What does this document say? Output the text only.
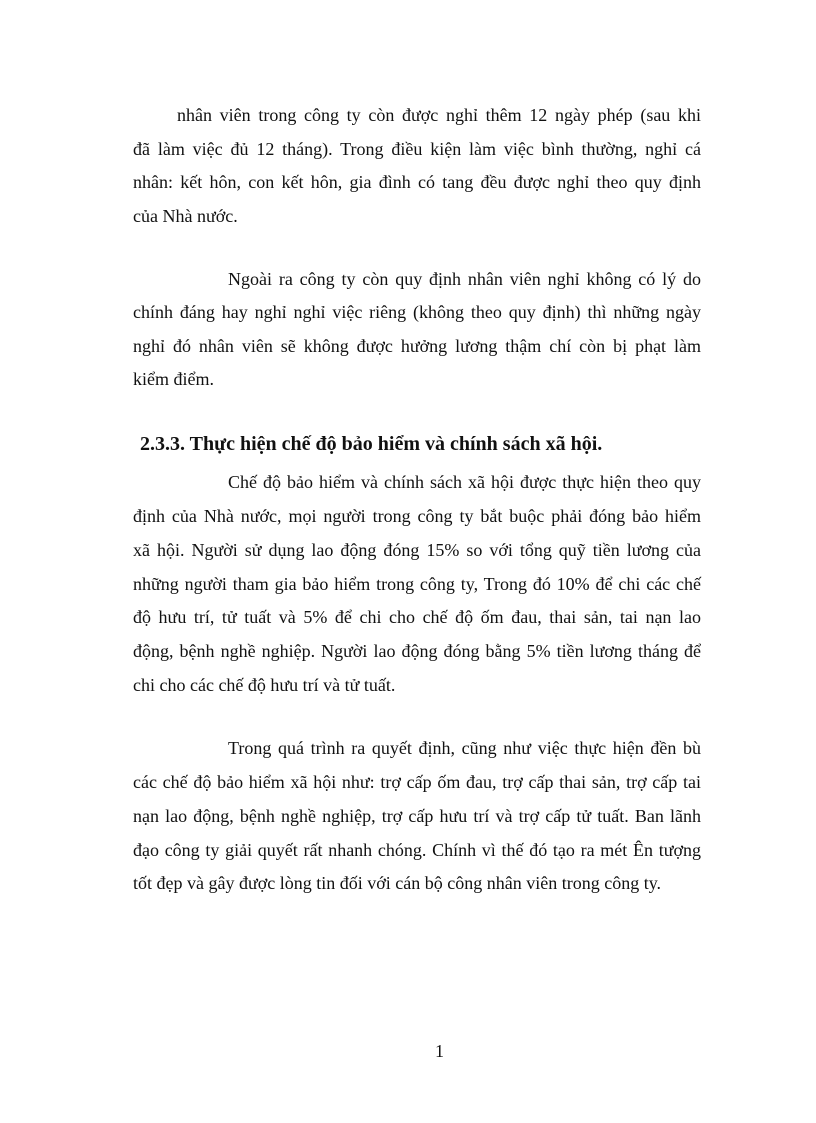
nhân viên trong công ty còn được nghỉ thêm 12 ngày phép (sau khi
đã làm việc đủ 12 tháng). Trong điều kiện làm việc bình thường, nghỉ cá
nhân: kết hôn, con kết hôn, gia đình có tang đều được nghỉ theo quy định
của Nhà nước.
Ngoài ra công ty còn quy định nhân viên nghỉ không có lý do
chính đáng hay nghỉ nghỉ việc riêng (không theo quy định) thì những ngày
nghỉ đó nhân viên sẽ không được hưởng lương thậm chí còn bị phạt làm
kiểm điểm.
2.3.3. Thực hiện chế độ bảo hiểm và chính sách xã hội.
Chế độ bảo hiểm và chính sách xã hội được thực hiện theo quy
định của Nhà nước, mọi người trong công ty bắt buộc phải đóng bảo hiểm
xã hội. Người sử dụng lao động đóng 15% so với tổng quỹ tiền lương của
những người tham gia bảo hiểm trong công ty, Trong đó 10% để chi các chế
độ hưu trí, tử tuất và 5% để chi cho chế độ ốm đau, thai sản, tai nạn lao
động, bệnh nghề nghiệp. Người lao động đóng bằng 5% tiền lương tháng để
chi cho các chế độ hưu trí và tử tuất.
Trong quá trình ra quyết định, cũng như việc thực hiện đền bù
các chế độ bảo hiểm xã hội như: trợ cấp ốm đau, trợ cấp thai sản, trợ cấp tai
nạn lao động, bệnh nghề nghiệp, trợ cấp hưu trí và trợ cấp tử tuất. Ban lãnh
đạo công ty giải quyết rất nhanh chóng. Chính vì thế đó tạo ra mét Ên tượng
tốt đẹp và gây được lòng tin đối với cán bộ công nhân viên trong công ty.
1
